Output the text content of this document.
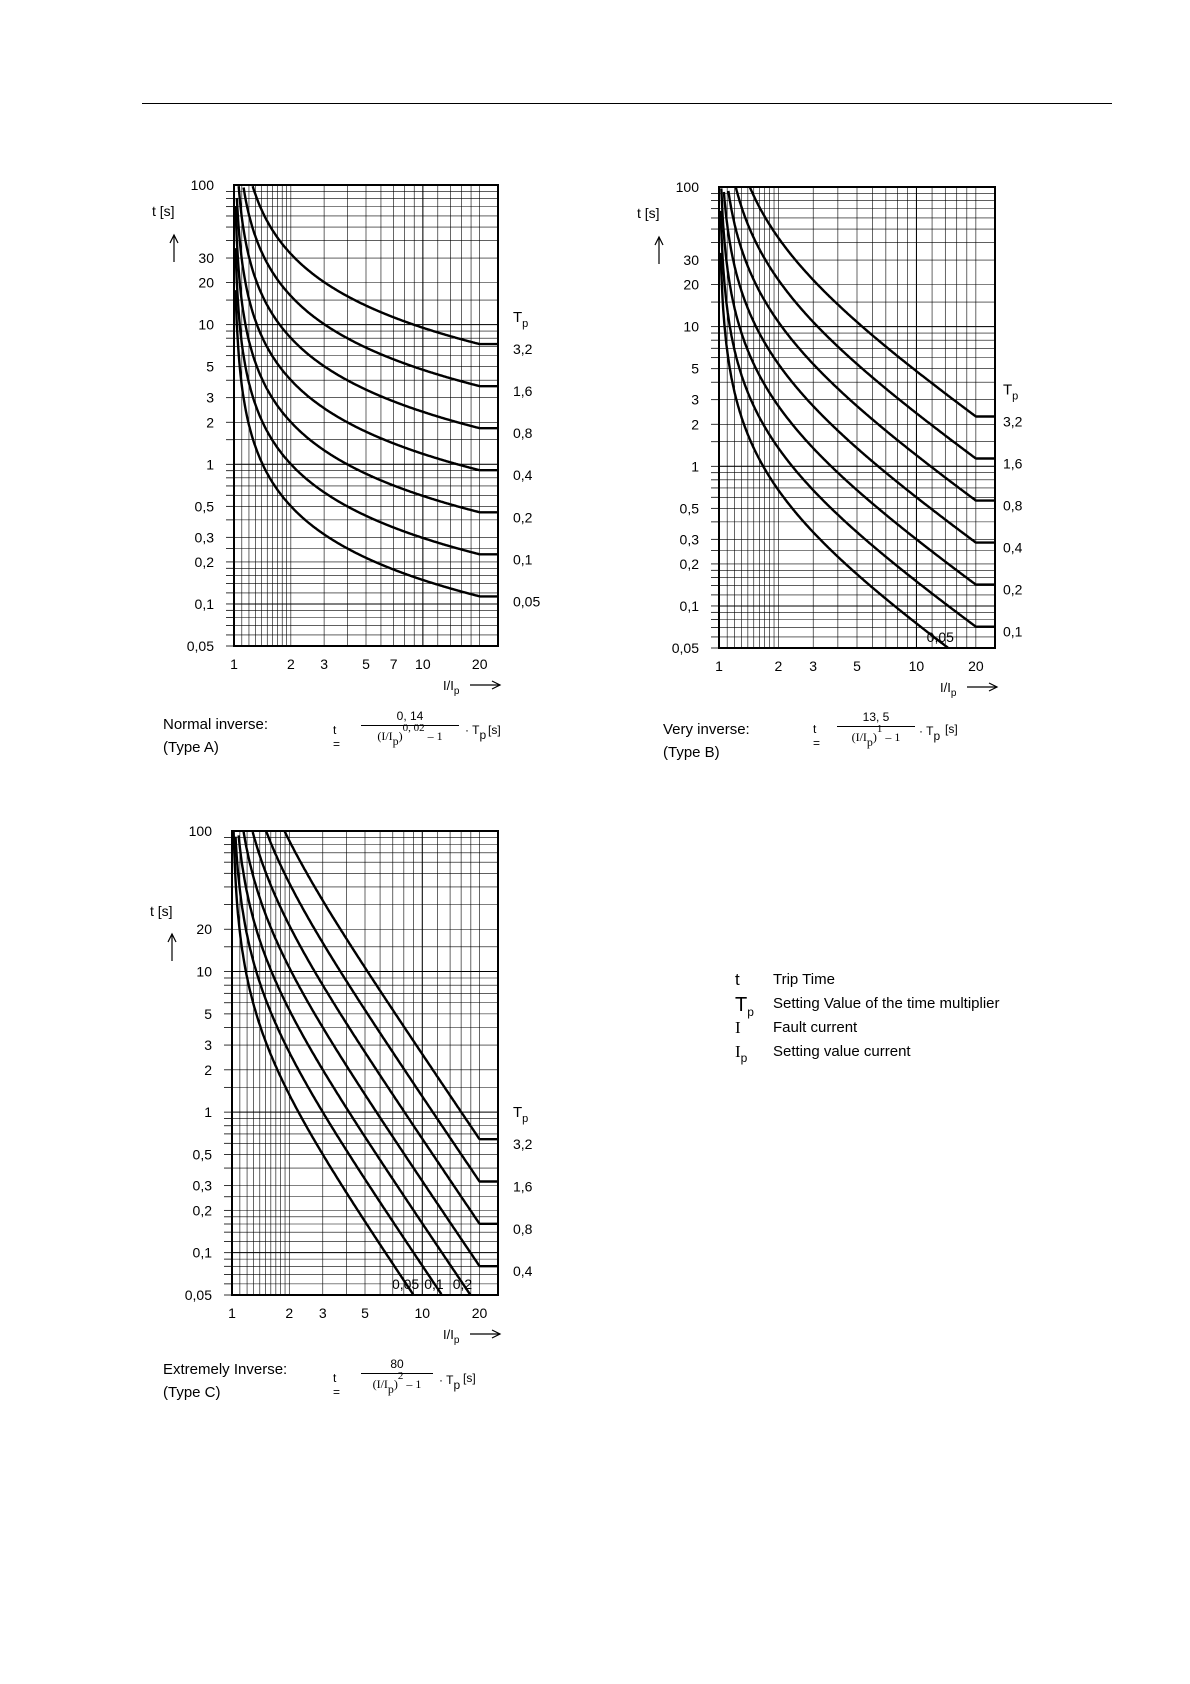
100
30
20
10
5
3
2
1
0,5
0,3
0,2
0,1
0,05
1	2 3 5 7 10	20
t [s]
$I/I_p$
3,2
1,6
0,8
0,4
0,2
0,1
0,05
$T_p$
100
30
20
10
5
3
2
1
0,5
0,3
0,2
0,1
0,05
1	2 3	5	10	20
t [s]
$I/I_p$
3,2
1,6
0,8
0,4
0,2
0,1
$T_p$
0,05
100
20
10
5
3
2
1
0,5
0,3
0,2
0,1
0,05
1	2 3 5	10	20
t [s]
$I/I_p$
3,2
1,6
0,8
0,4
$T_p$
0,2
0,1
0,05
Normal inverse:
(Type A)
Very inverse:
(Type B)
Extremely Inverse:
(Type C)
t =
0, 14
(I/Ip)0, 02 – 1	· Tp [s]	t =
13, 5
(I/Ip)1 – 1	· Tp [s]
t =
80
(I/Ip)2 – 1	· Tp [s]
t Trip Time
$T_p$ Setting Value of the time multiplier
I Fault current
$I_p$ Setting value current
